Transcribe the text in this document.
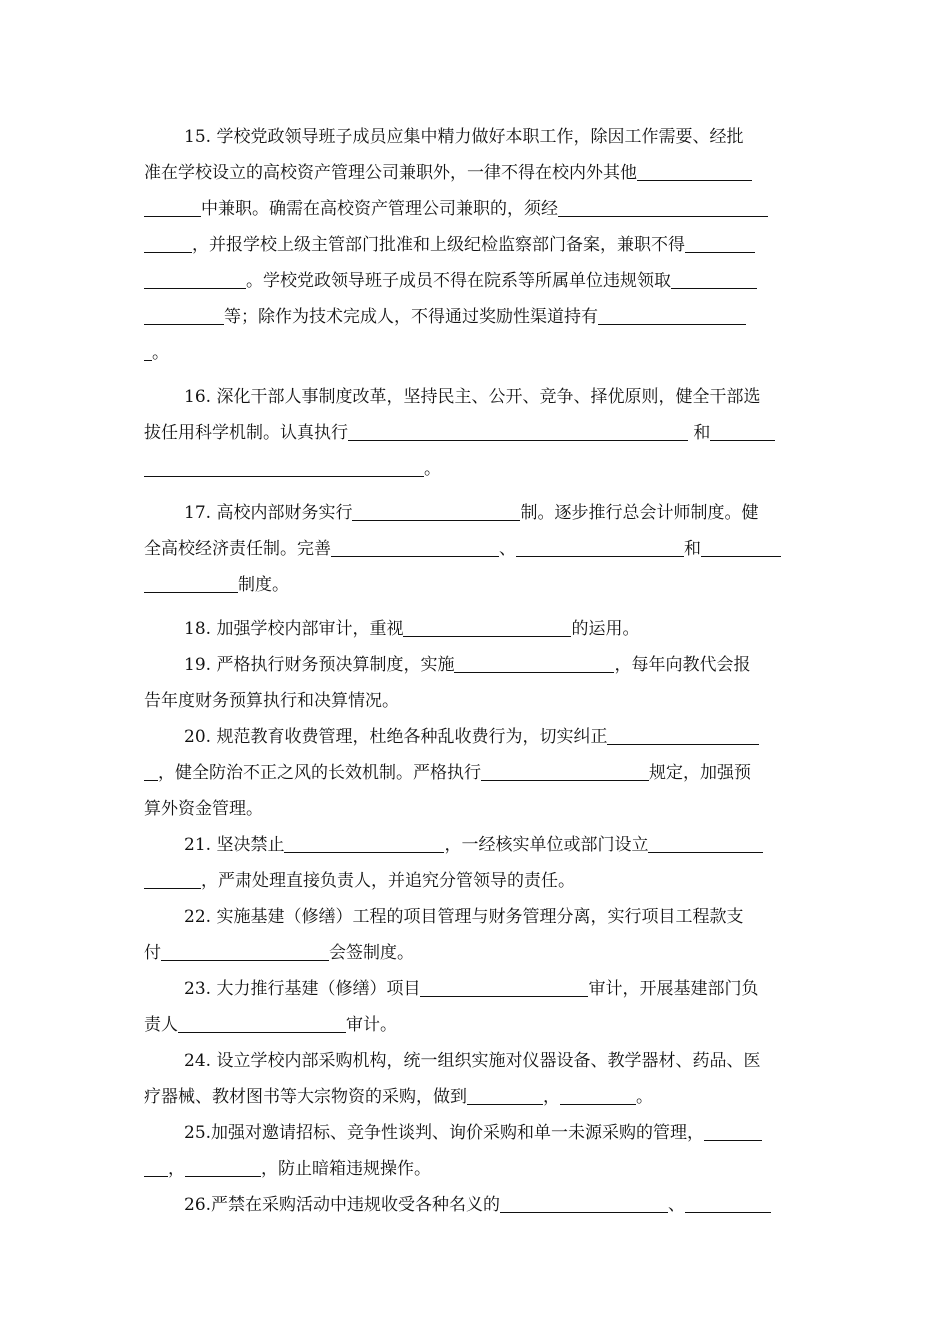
15. 学校党政领导班子成员应集中精力做好本职工作，除因工作需要、经批
准在学校设立的高校资产管理公司兼职外，一律不得在校内外其他
中兼职。确需在高校资产管理公司兼职的，须经
，并报学校上级主管部门批准和上级纪检监察部门备案，兼职不得
。学校党政领导班子成员不得在院系等所属单位违规领取
等；除作为技术完成人，不得通过奖励性渠道持有
。
16. 深化干部人事制度改革，坚持民主、公开、竞争、择优原则，健全干部选
拔任用科学机制。认真执行	和
。
17. 高校内部财务实行	制。逐步推行总会计师制度。健
全高校经济责任制。完善	、	和
制度。
18. 加强学校内部审计，重视	的运用。
19. 严格执行财务预决算制度，实施	，每年向教代会报
告年度财务预算执行和决算情况。
20. 规范教育收费管理，杜绝各种乱收费行为，切实纠正
，健全防治不正之风的长效机制。严格执行	规定，加强预
算外资金管理。
21. 坚决禁止	，一经核实单位或部门设立
，严肃处理直接负责人，并追究分管领导的责任。
22. 实施基建（修缮）工程的项目管理与财务管理分离，实行项目工程款支
付	会签制度。
23. 大力推行基建（修缮）项目	审计，开展基建部门负
责人	审计。
24. 设立学校内部采购机构，统一组织实施对仪器设备、教学器材、药品、医
疗器械、教材图书等大宗物资的采购，做到	，	。
25.加强对邀请招标、竞争性谈判、询价采购和单一未源采购的管理，
，	，防止暗箱违规操作。
26.严禁在采购活动中违规收受各种名义的	、
